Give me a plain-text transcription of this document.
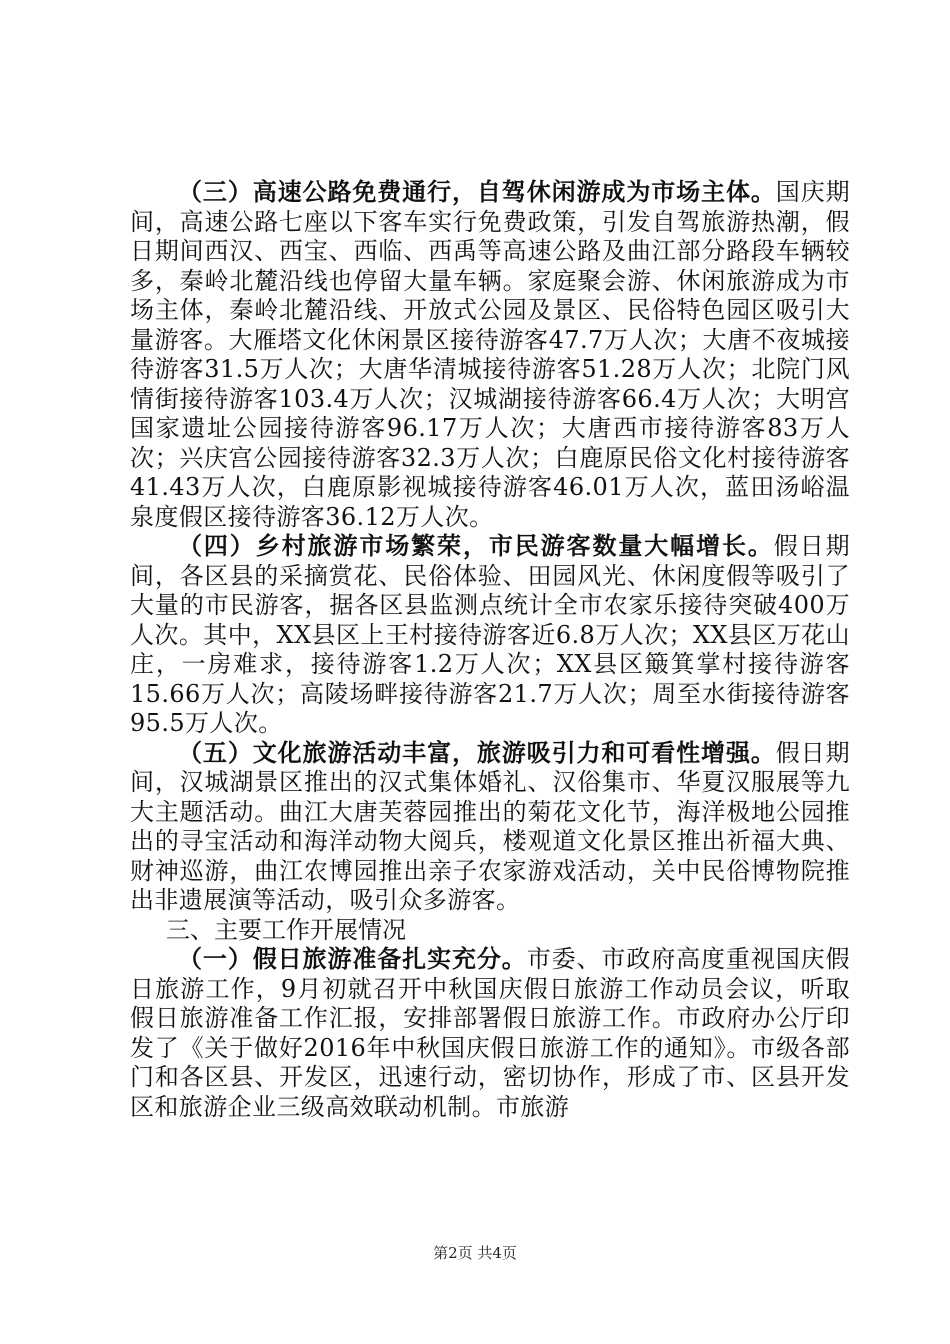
（三）高速公路免费通行，自驾休闲游成为市场主体。国庆期间，高速公路七座以下客车实行免费政策，引发自驾旅游热潮，假日期间西汉、西宝、西临、西禹等高速公路及曲江部分路段车辆较多，秦岭北麓沿线也停留大量车辆。家庭聚会游、休闲旅游成为市场主体，秦岭北麓沿线、开放式公园及景区、民俗特色园区吸引大量游客。大雁塔文化休闲景区接待游客47.7万人次；大唐不夜城接待游客31.5万人次；大唐华清城接待游客51.28万人次；北院门风情街接待游客103.4万人次；汉城湖接待游客66.4万人次；大明宫国家遗址公园接待游客96.17万人次；大唐西市接待游客83万人次；兴庆宫公园接待游客32.3万人次；白鹿原民俗文化村接待游客41.43万人次，白鹿原影视城接待游客46.01万人次，蓝田汤峪温泉度假区接待游客36.12万人次。

（四）乡村旅游市场繁荣，市民游客数量大幅增长。假日期间，各区县的采摘赏花、民俗体验、田园风光、休闲度假等吸引了大量的市民游客，据各区县监测点统计全市农家乐接待突破400万人次。其中，XX县区上王村接待游客近6.8万人次；XX县区万花山庄，一房难求，接待游客1.2万人次；XX县区簸箕掌村接待游客15.66万人次；高陵场畔接待游客21.7万人次；周至水街接待游客95.5万人次。

（五）文化旅游活动丰富，旅游吸引力和可看性增强。假日期间，汉城湖景区推出的汉式集体婚礼、汉俗集市、华夏汉服展等九大主题活动。曲江大唐芙蓉园推出的菊花文化节，海洋极地公园推出的寻宝活动和海洋动物大阅兵，楼观道文化景区推出祈福大典、财神巡游，曲江农博园推出亲子农家游戏活动，关中民俗博物院推出非遗展演等活动，吸引众多游客。

三、主要工作开展情况

（一）假日旅游准备扎实充分。市委、市政府高度重视国庆假日旅游工作，9月初就召开中秋国庆假日旅游工作动员会议，听取假日旅游准备工作汇报，安排部署假日旅游工作。市政府办公厅印发了《关于做好2016年中秋国庆假日旅游工作的通知》。市级各部门和各区县、开发区，迅速行动，密切协作，形成了市、区县开发区和旅游企业三级高效联动机制。市旅游

第2页 共4页
